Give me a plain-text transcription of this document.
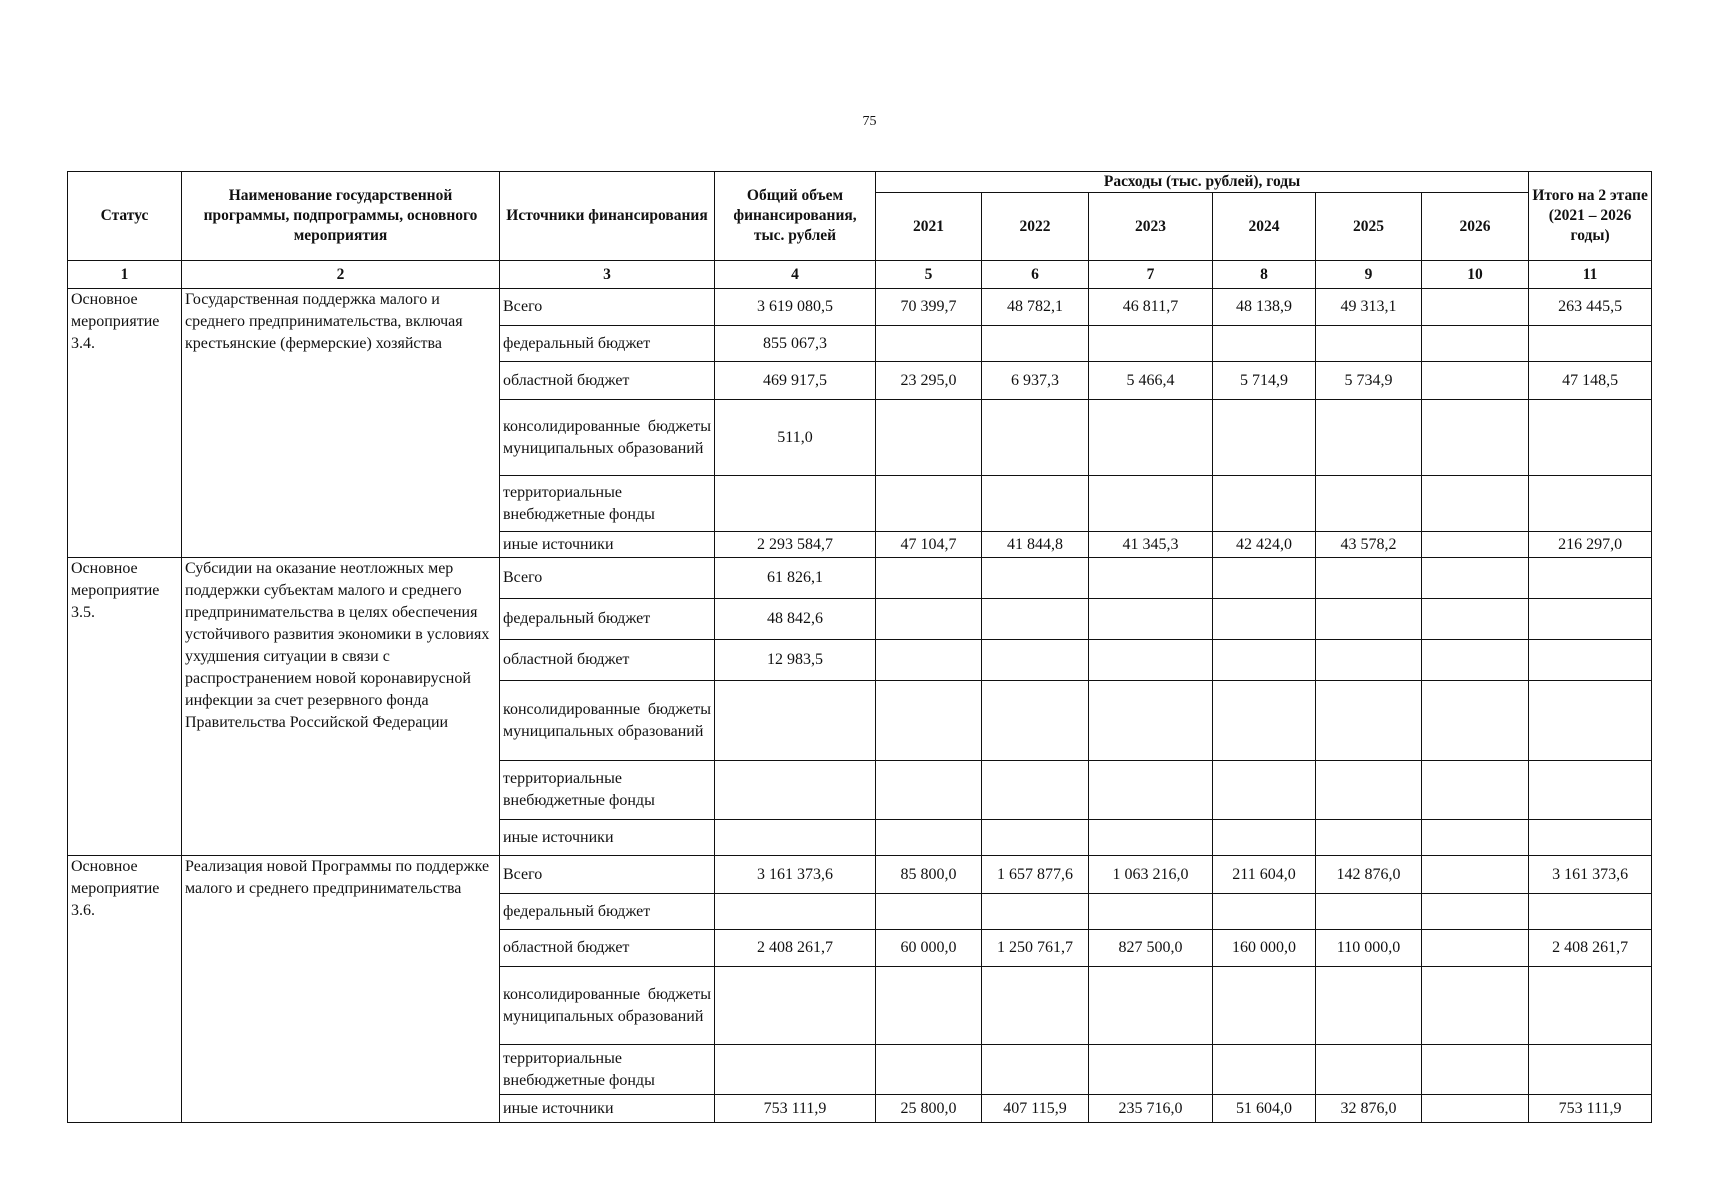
75
Статус	Наименование государственной программы, подпрограммы, основного мероприятия	Источники финансирования	Общий объем финансирования, тыс. рублей	Расходы (тыс. рублей), годы						Итого на 2 этапе (2021 – 2026 годы)
				2021	2022	2023	2024	2025	2026	
1	2	3	4	5	6	7	8	9	10	11
Основное мероприятие 3.4.	Государственная поддержка малого и среднего предпринимательства, включая крестьянские (фермерские) хозяйства	Всего	3 619 080,5	70 399,7	48 782,1	46 811,7	48 138,9	49 313,1		263 445,5
		федеральный бюджет	855 067,3							
		областной бюджет	469 917,5	23 295,0	6 937,3	5 466,4	5 714,9	5 734,9		47 148,5
		консолидированные бюджеты муниципальных образований	511,0							
		территориальные внебюджетные фонды								
		иные источники	2 293 584,7	47 104,7	41 844,8	41 345,3	42 424,0	43 578,2		216 297,0
Основное мероприятие 3.5.	Субсидии на оказание неотложных мер поддержки субъектам малого и среднего предпринимательства в целях обеспечения устойчивого развития экономики в условиях ухудшения ситуации в связи с распространением новой коронавирусной инфекции за счет резервного фонда Правительства Российской Федерации	Всего	61 826,1							
		федеральный бюджет	48 842,6							
		областной бюджет	12 983,5							
		консолидированные бюджеты муниципальных образований								
		территориальные внебюджетные фонды								
		иные источники								
Основное мероприятие 3.6.	Реализация новой Программы по поддержке малого и среднего предпринимательства	Всего	3 161 373,6	85 800,0	1 657 877,6	1 063 216,0	211 604,0	142 876,0		3 161 373,6
		федеральный бюджет								
		областной бюджет	2 408 261,7	60 000,0	1 250 761,7	827 500,0	160 000,0	110 000,0		2 408 261,7
		консолидированные бюджеты муниципальных образований								
		территориальные внебюджетные фонды								
		иные источники	753 111,9	25 800,0	407 115,9	235 716,0	51 604,0	32 876,0		753 111,9
